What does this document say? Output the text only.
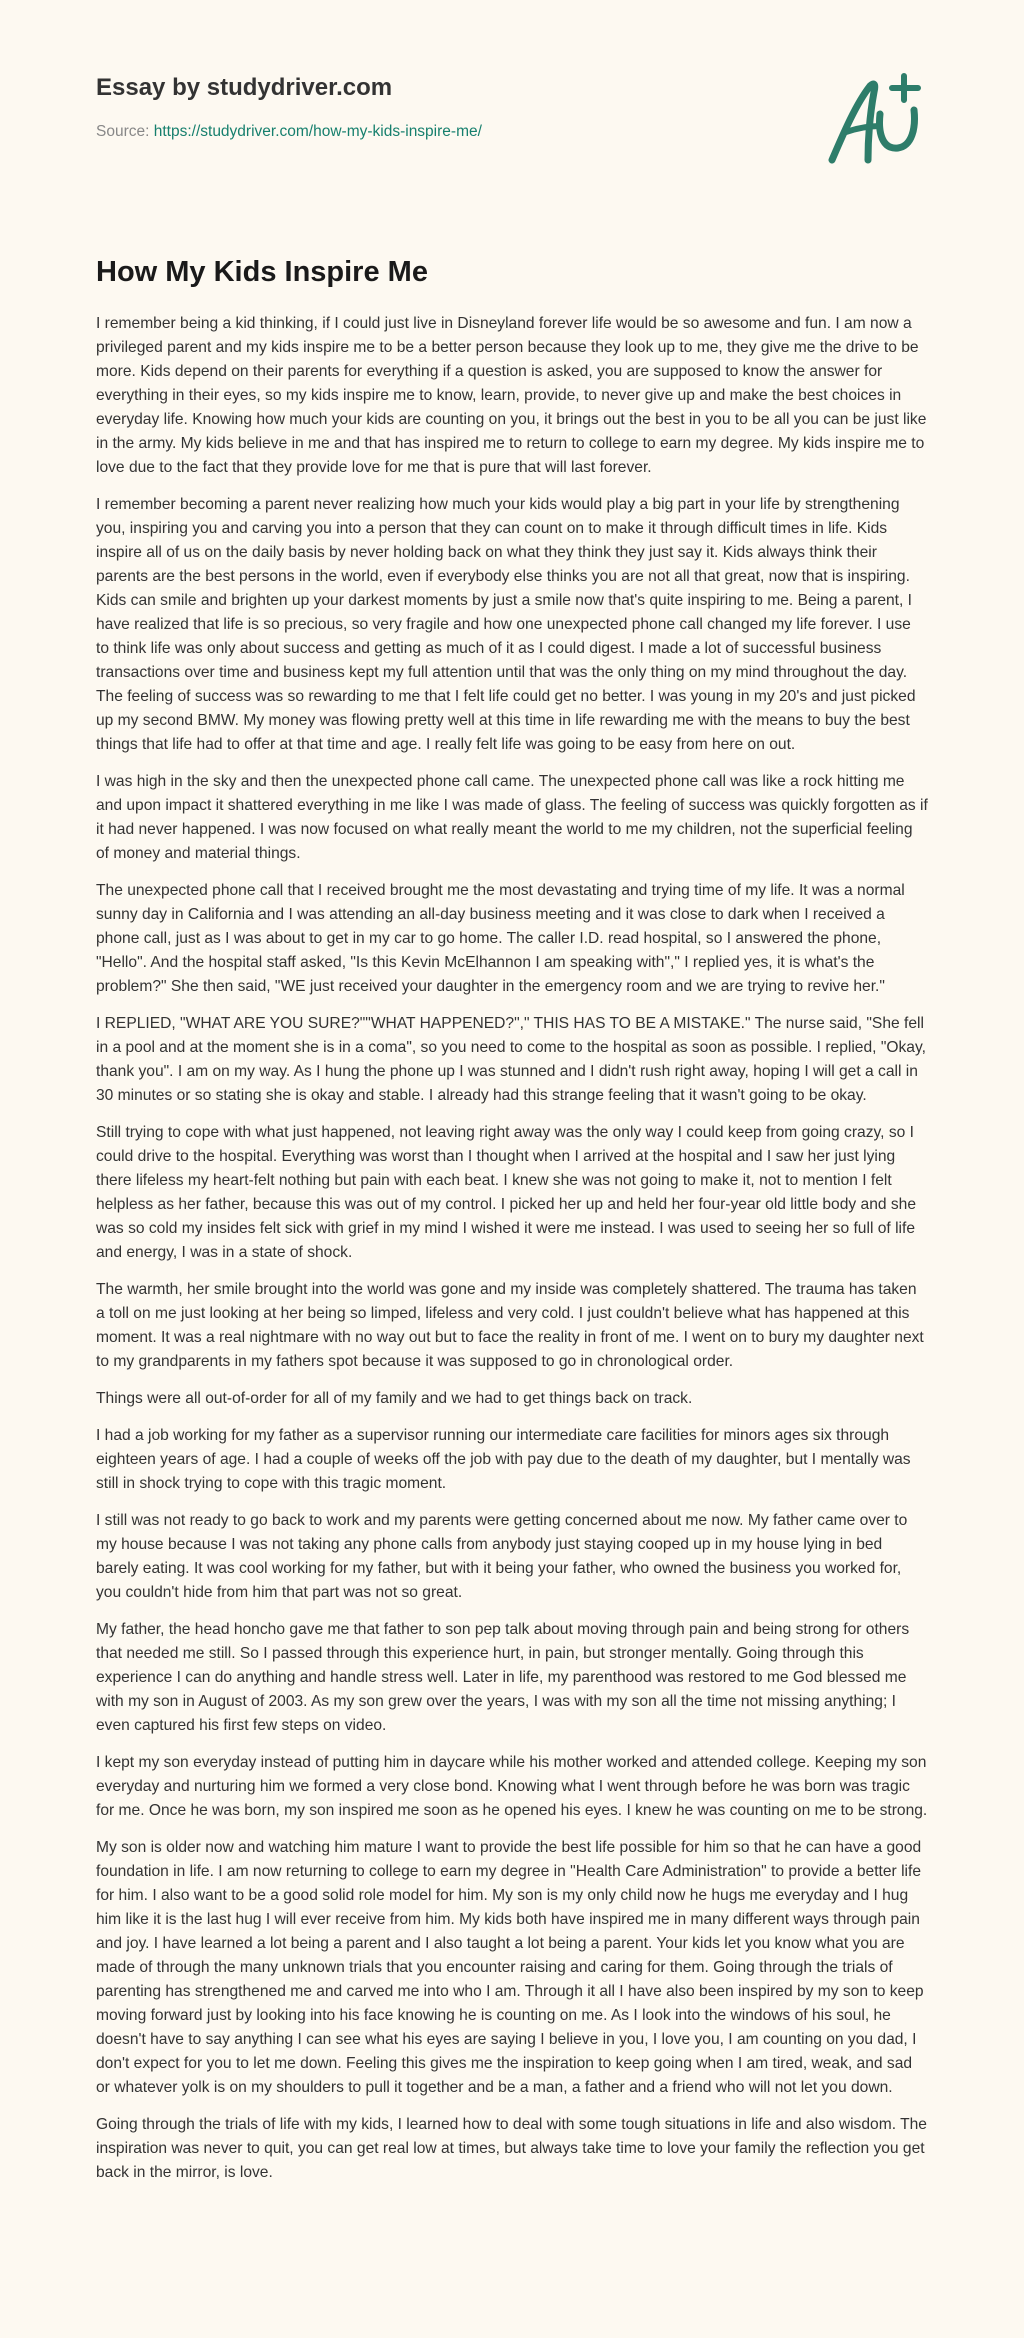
Essay by studydriver.com
Source: https://studydriver.com/how-my-kids-inspire-me/
How My Kids Inspire Me

I remember being a kid thinking, if I could just live in Disneyland forever life would be so awesome and fun. I am now a privileged parent and my kids inspire me to be a better person because they look up to me, they give me the drive to be more. Kids depend on their parents for everything if a question is asked, you are supposed to know the answer for everything in their eyes, so my kids inspire me to know, learn, provide, to never give up and make the best choices in everyday life. Knowing how much your kids are counting on you, it brings out the best in you to be all you can be just like in the army. My kids believe in me and that has inspired me to return to college to earn my degree. My kids inspire me to love due to the fact that they provide love for me that is pure that will last forever.

I remember becoming a parent never realizing how much your kids would play a big part in your life by strengthening you, inspiring you and carving you into a person that they can count on to make it through difficult times in life. Kids inspire all of us on the daily basis by never holding back on what they think they just say it. Kids always think their parents are the best persons in the world, even if everybody else thinks you are not all that great, now that is inspiring. Kids can smile and brighten up your darkest moments by just a smile now that's quite inspiring to me. Being a parent, I have realized that life is so precious, so very fragile and how one unexpected phone call changed my life forever. I use to think life was only about success and getting as much of it as I could digest. I made a lot of successful business transactions over time and business kept my full attention until that was the only thing on my mind throughout the day. The feeling of success was so rewarding to me that I felt life could get no better. I was young in my 20's and just picked up my second BMW. My money was flowing pretty well at this time in life rewarding me with the means to buy the best things that life had to offer at that time and age. I really felt life was going to be easy from here on out.

I was high in the sky and then the unexpected phone call came. The unexpected phone call was like a rock hitting me and upon impact it shattered everything in me like I was made of glass. The feeling of success was quickly forgotten as if it had never happened. I was now focused on what really meant the world to me my children, not the superficial feeling of money and material things.

The unexpected phone call that I received brought me the most devastating and trying time of my life. It was a normal sunny day in California and I was attending an all-day business meeting and it was close to dark when I received a phone call, just as I was about to get in my car to go home. The caller I.D. read hospital, so I answered the phone, "Hello". And the hospital staff asked, "Is this Kevin McElhannon I am speaking with"," I replied yes, it is what's the problem?" She then said, "WE just received your daughter in the emergency room and we are trying to revive her."

I REPLIED, "WHAT ARE YOU SURE?""WHAT HAPPENED?"," THIS HAS TO BE A MISTAKE." The nurse said, "She fell in a pool and at the moment she is in a coma", so you need to come to the hospital as soon as possible. I replied, "Okay, thank you". I am on my way. As I hung the phone up I was stunned and I didn't rush right away, hoping I will get a call in 30 minutes or so stating she is okay and stable. I already had this strange feeling that it wasn't going to be okay.

Still trying to cope with what just happened, not leaving right away was the only way I could keep from going crazy, so I could drive to the hospital. Everything was worst than I thought when I arrived at the hospital and I saw her just lying there lifeless my heart-felt nothing but pain with each beat. I knew she was not going to make it, not to mention I felt helpless as her father, because this was out of my control. I picked her up and held her four-year old little body and she was so cold my insides felt sick with grief in my mind I wished it were me instead. I was used to seeing her so full of life and energy, I was in a state of shock.

The warmth, her smile brought into the world was gone and my inside was completely shattered. The trauma has taken a toll on me just looking at her being so limped, lifeless and very cold. I just couldn't believe what has happened at this moment. It was a real nightmare with no way out but to face the reality in front of me. I went on to bury my daughter next to my grandparents in my fathers spot because it was supposed to go in chronological order.

Things were all out-of-order for all of my family and we had to get things back on track.

I had a job working for my father as a supervisor running our intermediate care facilities for minors ages six through eighteen years of age. I had a couple of weeks off the job with pay due to the death of my daughter, but I mentally was still in shock trying to cope with this tragic moment.

I still was not ready to go back to work and my parents were getting concerned about me now. My father came over to my house because I was not taking any phone calls from anybody just staying cooped up in my house lying in bed barely eating. It was cool working for my father, but with it being your father, who owned the business you worked for, you couldn't hide from him that part was not so great.

My father, the head honcho gave me that father to son pep talk about moving through pain and being strong for others that needed me still. So I passed through this experience hurt, in pain, but stronger mentally. Going through this experience I can do anything and handle stress well. Later in life, my parenthood was restored to me God blessed me with my son in August of 2003. As my son grew over the years, I was with my son all the time not missing anything; I even captured his first few steps on video.

I kept my son everyday instead of putting him in daycare while his mother worked and attended college. Keeping my son everyday and nurturing him we formed a very close bond. Knowing what I went through before he was born was tragic for me. Once he was born, my son inspired me soon as he opened his eyes. I knew he was counting on me to be strong.

My son is older now and watching him mature I want to provide the best life possible for him so that he can have a good foundation in life. I am now returning to college to earn my degree in "Health Care Administration" to provide a better life for him. I also want to be a good solid role model for him. My son is my only child now he hugs me everyday and I hug him like it is the last hug I will ever receive from him. My kids both have inspired me in many different ways through pain and joy. I have learned a lot being a parent and I also taught a lot being a parent. Your kids let you know what you are made of through the many unknown trials that you encounter raising and caring for them. Going through the trials of parenting has strengthened me and carved me into who I am. Through it all I have also been inspired by my son to keep moving forward just by looking into his face knowing he is counting on me. As I look into the windows of his soul, he doesn't have to say anything I can see what his eyes are saying I believe in you, I love you, I am counting on you dad, I don't expect for you to let me down. Feeling this gives me the inspiration to keep going when I am tired, weak, and sad or whatever yolk is on my shoulders to pull it together and be a man, a father and a friend who will not let you down.

Going through the trials of life with my kids, I learned how to deal with some tough situations in life and also wisdom. The inspiration was never to quit, you can get real low at times, but always take time to love your family the reflection you get back in the mirror, is love.
